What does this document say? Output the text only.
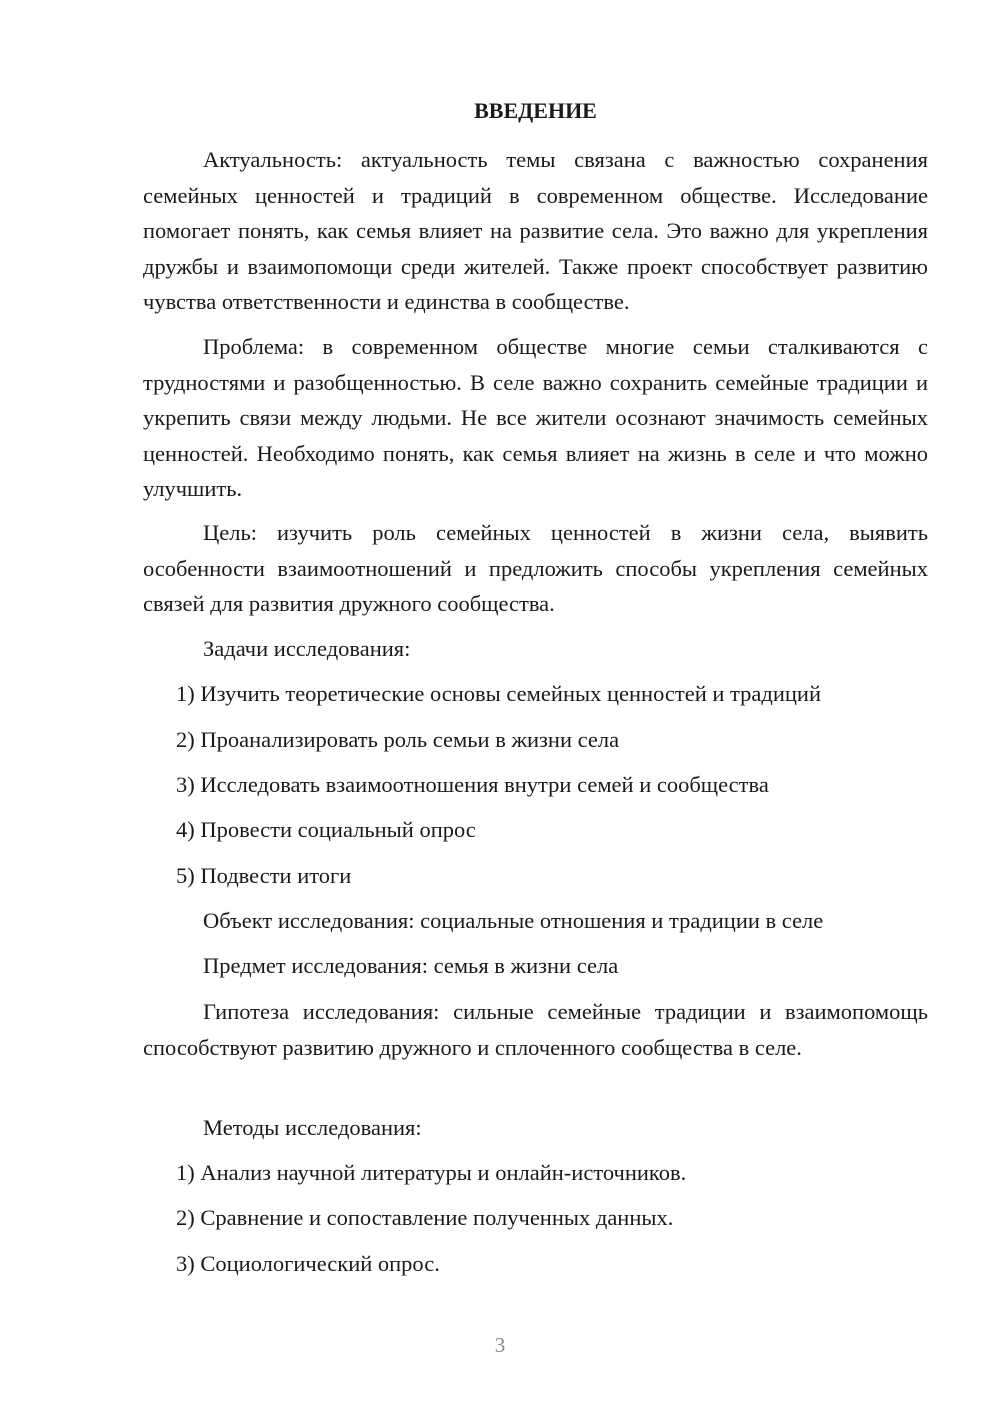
ВВЕДЕНИЕ

Актуальность: актуальность темы связана с важностью сохранения семейных ценностей и традиций в современном обществе. Исследование помогает понять, как семья влияет на развитие села. Это важно для укрепления дружбы и взаимопомощи среди жителей. Также проект способствует развитию чувства ответственности и единства в сообществе.

Проблема: в современном обществе многие семьи сталкиваются с трудностями и разобщенностью. В селе важно сохранить семейные традиции и укрепить связи между людьми. Не все жители осознают значимость семейных ценностей. Необходимо понять, как семья влияет на жизнь в селе и что можно улучшить.

Цель: изучить роль семейных ценностей в жизни села, выявить особенности взаимоотношений и предложить способы укрепления семейных связей для развития дружного сообщества.

Задачи исследования:

1) Изучить теоретические основы семейных ценностей и традиций

2) Проанализировать роль семьи в жизни села

3) Исследовать взаимоотношения внутри семей и сообщества

4) Провести социальный опрос

5) Подвести итоги

Объект исследования: социальные отношения и традиции в селе

Предмет исследования: семья в жизни села

Гипотеза исследования: сильные семейные традиции и взаимопомощь способствуют развитию дружного и сплоченного сообщества в селе.

Методы исследования:

1) Анализ научной литературы и онлайн-источников.

2) Сравнение и сопоставление полученных данных.

3) Социологический опрос.

3
